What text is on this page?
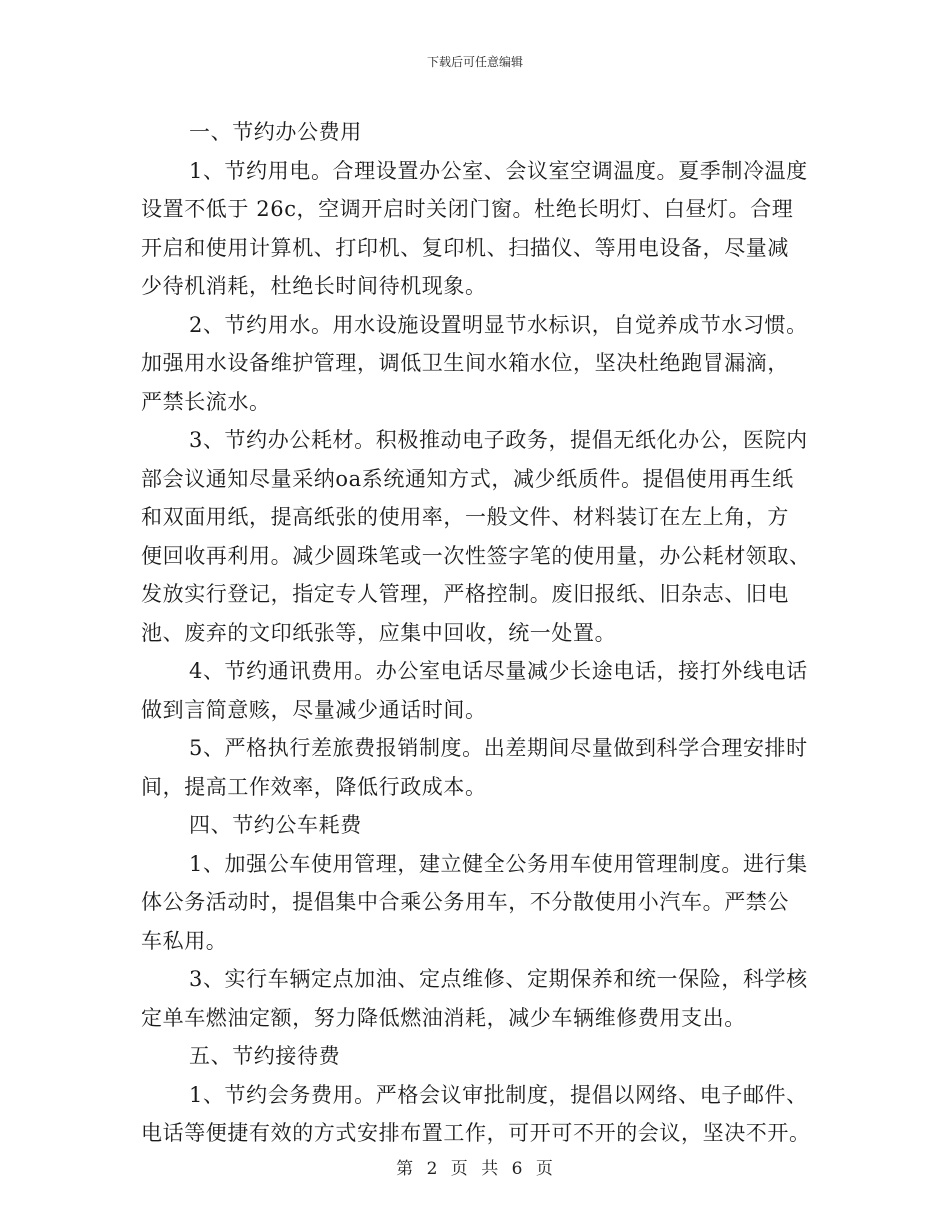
下载后可任意编辑
一、节约办公费用
1、节约用电。合理设置办公室、会议室空调温度。夏季制冷温度
设置不低于 26c，空调开启时关闭门窗。杜绝长明灯、白昼灯。合理
开启和使用计算机、打印机、复印机、扫描仪、等用电设备，尽量减
少待机消耗，杜绝长时间待机现象。
2、节约用水。用水设施设置明显节水标识，自觉养成节水习惯。
加强用水设备维护管理，调低卫生间水箱水位，坚决杜绝跑冒漏滴，
严禁长流水。
3、节约办公耗材。积极推动电子政务，提倡无纸化办公，医院内
部会议通知尽量采纳oa系统通知方式，减少纸质件。提倡使用再生纸
和双面用纸，提高纸张的使用率，一般文件、材料装订在左上角，方
便回收再利用。减少圆珠笔或一次性签字笔的使用量，办公耗材领取、
发放实行登记，指定专人管理，严格控制。废旧报纸、旧杂志、旧电
池、废弃的文印纸张等，应集中回收，统一处置。
4、节约通讯费用。办公室电话尽量减少长途电话，接打外线电话
做到言简意赅，尽量减少通话时间。
5、严格执行差旅费报销制度。出差期间尽量做到科学合理安排时
间，提高工作效率，降低行政成本。
四、节约公车耗费
1、加强公车使用管理，建立健全公务用车使用管理制度。进行集
体公务活动时，提倡集中合乘公务用车，不分散使用小汽车。严禁公
车私用。
3、实行车辆定点加油、定点维修、定期保养和统一保险，科学核
定单车燃油定额，努力降低燃油消耗，减少车辆维修费用支出。
五、节约接待费
1、节约会务费用。严格会议审批制度，提倡以网络、电子邮件、
电话等便捷有效的方式安排布置工作，可开可不开的会议，坚决不开。
第 2 页 共 6 页
